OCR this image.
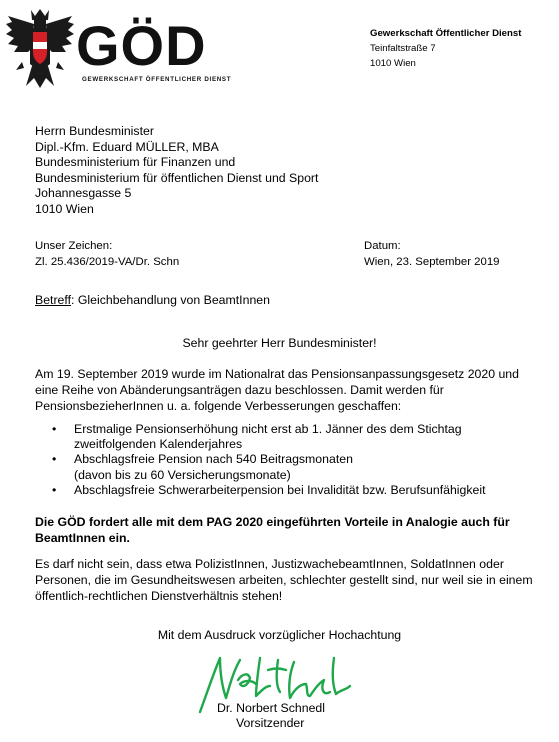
GÖD
GEWERKSCHAFT ÖFFENTLICHER DIENST
Gewerkschaft Öffentlicher Dienst
Teinfaltstraße 7
1010 Wien
Herrn Bundesminister
Dipl.-Kfm. Eduard MÜLLER, MBA
Bundesministerium für Finanzen und
Bundesministerium für öffentlichen Dienst und Sport
Johannesgasse 5
1010 Wien
Unser Zeichen:
Zl. 25.436/2019-VA/Dr. Schn
Datum:
Wien, 23. September 2019
Betreff: Gleichbehandlung von BeamtInnen
Sehr geehrter Herr Bundesminister!
Am 19. September 2019 wurde im Nationalrat das Pensionsanpassungsgesetz 2020 und eine Reihe von Abänderungsanträgen dazu beschlossen. Damit werden für PensionsbezieherInnen u. a. folgende Verbesserungen geschaffen:
• Erstmalige Pensionserhöhung nicht erst ab 1. Jänner des dem Stichtag
zweitfolgenden Kalenderjahres
• Abschlagsfreie Pension nach 540 Beitragsmonaten
(davon bis zu 60 Versicherungsmonate)
• Abschlagsfreie Schwerarbeiterpension bei Invalidität bzw. Berufsunfähigkeit
Die GÖD fordert alle mit dem PAG 2020 eingeführten Vorteile in Analogie auch für BeamtInnen ein.
Es darf nicht sein, dass etwa PolizistInnen, JustizwachebeamtInnen, SoldatInnen oder Personen, die im Gesundheitswesen arbeiten, schlechter gestellt sind, nur weil sie in einem öffentlich-rechtlichen Dienstverhältnis stehen!
Mit dem Ausdruck vorzüglicher Hochachtung
Dr. Norbert Schnedl
Vorsitzender
